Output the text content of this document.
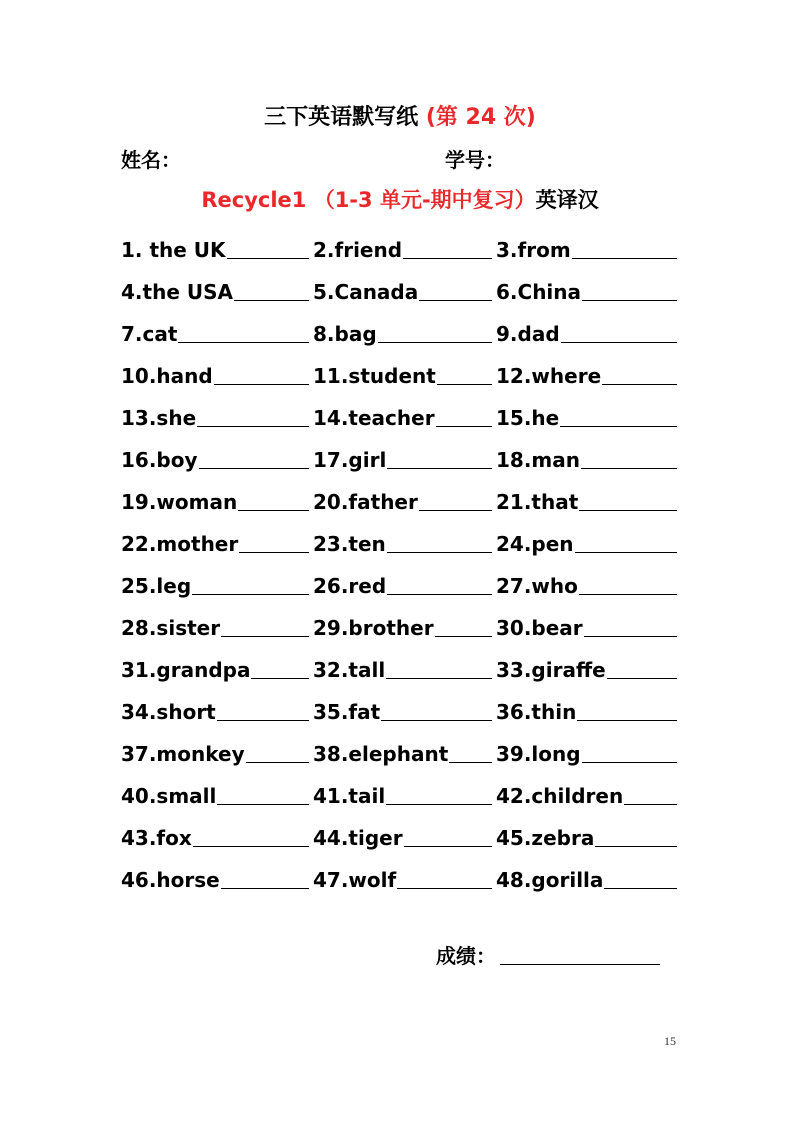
三下英语默写纸 (第 24 次)
姓名：	学号：
Recycle1 （1-3 单元-期中复习）英译汉
1. the UK	2.friend	3.from
4.the USA	5.Canada	6.China
7.cat	8.bag	9.dad
10.hand	11.student	12.where
13.she	14.teacher	15.he
16.boy	17.girl	18.man
19.woman	20.father	21.that
22.mother	23.ten	24.pen
25.leg	26.red	27.who
28.sister	29.brother	30.bear
31.grandpa	32.tall	33.giraffe
34.short	35.fat	36.thin
37.monkey	38.elephant 39.long
40.small	41.tail	42.children
43.fox	44.tiger	45.zebra
46.horse	47.wolf	48.gorilla
成绩：
15
